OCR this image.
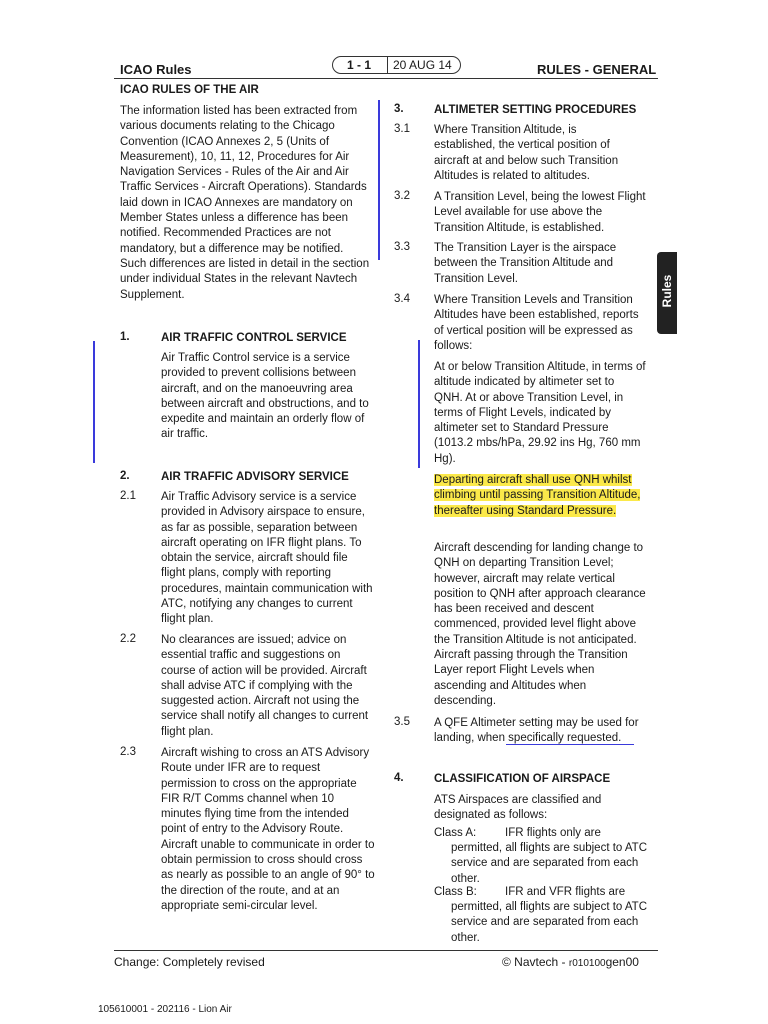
ICAO Rules	1 - 1 20 AUG 14	RULES - GENERAL
Rules
ICAO RULES OF THE AIR

The information listed has been extracted from various documents relating to the Chicago Convention (ICAO Annexes 2, 5 (Units of Measurement), 10, 11, 12, Procedures for Air Navigation Services - Rules of the Air and Air Traffic Services - Aircraft Operations). Standards laid down in ICAO Annexes are mandatory on Member States unless a difference has been notified. Recommended Practices are not mandatory, but a difference may be notified. Such differences are listed in detail in the section under individual States in the relevant Navtech Supplement.

1.	AIR TRAFFIC CONTROL SERVICE

Air Traffic Control service is a service provided to prevent collisions between aircraft, and on the manoeuvring area between aircraft and obstructions, and to expedite and maintain an orderly flow of air traffic.

2.	AIR TRAFFIC ADVISORY SERVICE
2.1 Air Traffic Advisory service is a service provided in Advisory airspace to ensure, as far as possible, separation between aircraft operating on IFR flight plans. To obtain the service, aircraft should file flight plans, comply with reporting procedures, maintain communication with ATC, notifying any changes to current flight plan.

2.2 No clearances are issued; advice on essential traffic and suggestions on course of action will be provided. Aircraft shall advise ATC if complying with the suggested action. Aircraft not using the service shall notify all changes to current flight plan.

2.3 Aircraft wishing to cross an ATS Advisory Route under IFR are to request permission to cross on the appropriate FIR R/T Comms channel when 10 minutes flying time from the intended point of entry to the Advisory Route. Aircraft unable to communicate in order to obtain permission to cross should cross as nearly as possible to an angle of 90° to the direction of the route, and at an appropriate semi-circular level.

3.	ALTIMETER SETTING PROCEDURES
3.1 Where Transition Altitude, is established, the vertical position of aircraft at and below such Transition Altitudes is related to altitudes.

3.2 A Transition Level, being the lowest Flight Level available for use above the Transition Altitude, is established.

3.3 The Transition Layer is the airspace between the Transition Altitude and Transition Level.

3.4 Where Transition Levels and Transition Altitudes have been established, reports of vertical position will be expressed as follows:

At or below Transition Altitude, in terms of altitude indicated by altimeter set to QNH. At or above Transition Level, in terms of Flight Levels, indicated by altimeter set to Standard Pressure (1013.2 mbs/hPa, 29.92 ins Hg, 760 mm Hg).

Departing aircraft shall use QNH whilst climbing until passing Transition Altitude, thereafter using Standard Pressure.

Aircraft descending for landing change to QNH on departing Transition Level; however, aircraft may relate vertical position to QNH after approach clearance has been received and descent commenced, provided level flight above the Transition Altitude is not anticipated. Aircraft passing through the Transition Layer report Flight Levels when ascending and Altitudes when descending.

3.5 A QFE Altimeter setting may be used for landing, when specifically requested.

4.	CLASSIFICATION OF AIRSPACE

ATS Airspaces are classified and designated as follows:

Class A:	IFR flights only are

permitted, all flights are subject to ATC service and are separated from each other.

Class B: IFR and VFR flights are

permitted, all flights are subject to ATC service and are separated from each other.

Change: Completely revised	© Navtech - r010100gen00
105610001 - 202116 - Lion Air
